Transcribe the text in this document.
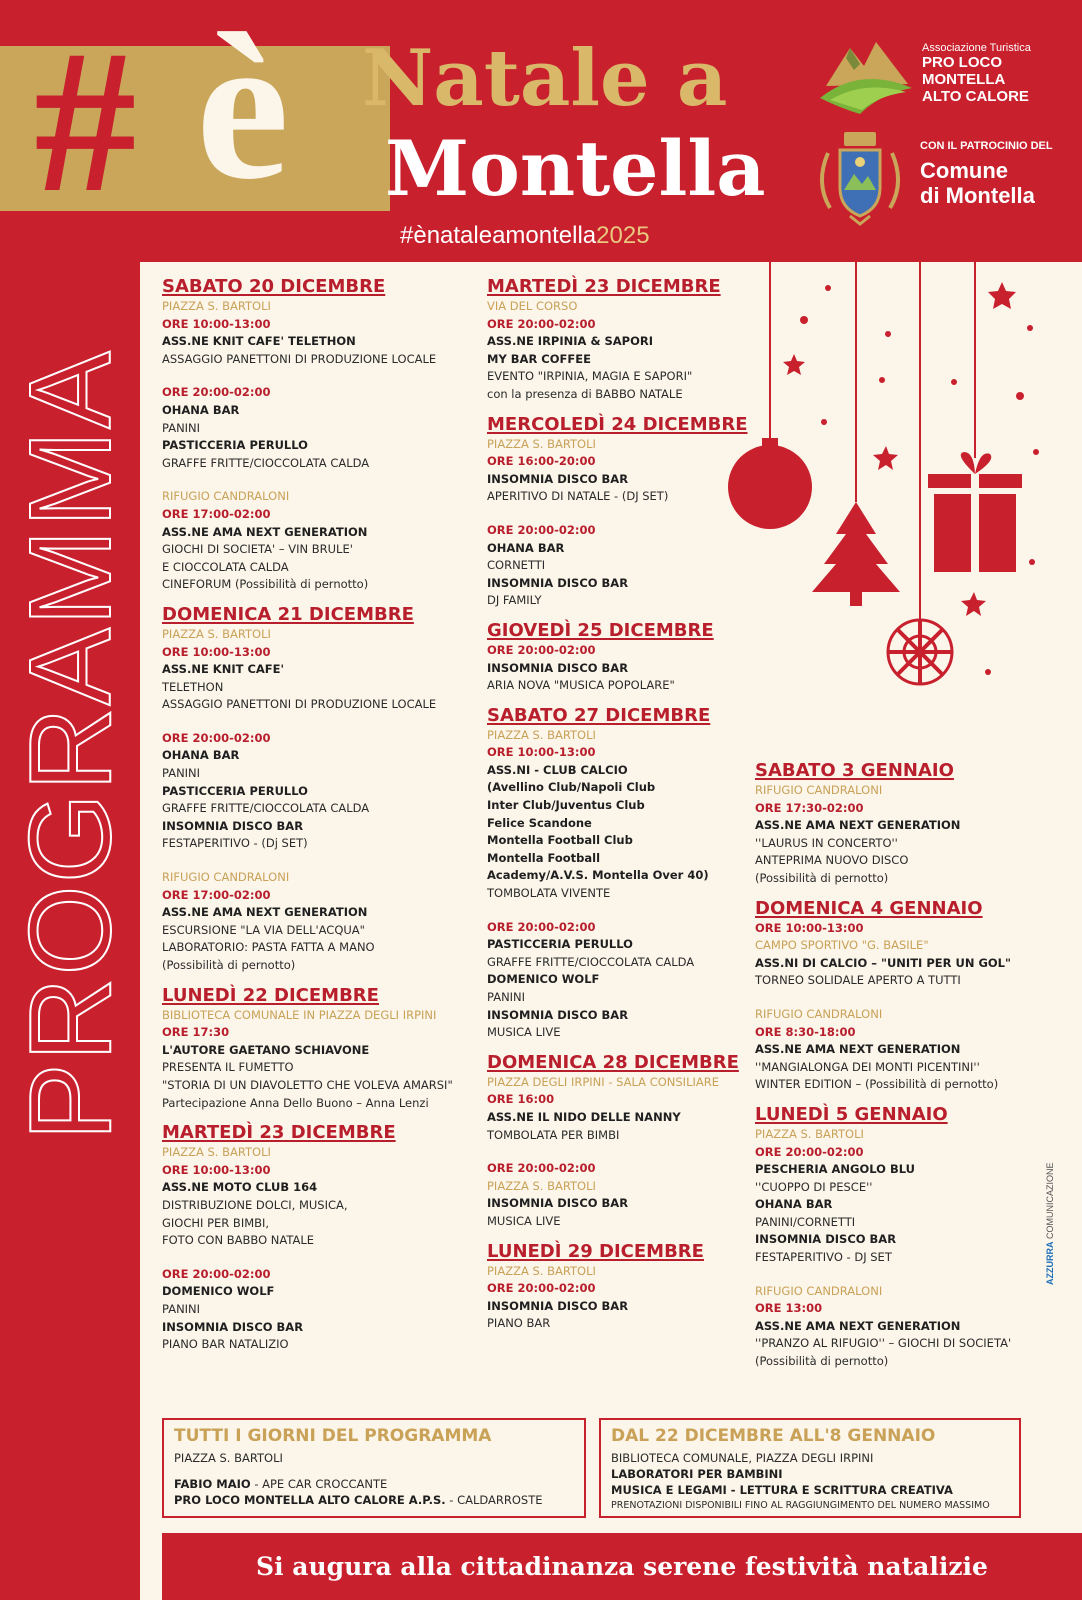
# è Natale a
Montella
#ènataleamontella2025
Associazione Turistica
PRO LOCO
MONTELLA
ALTO CALORE
CON IL PATROCINIO DEL
Comune
di Montella
PROGRAMMA
SABATO 20 DICEMBRE
PIAZZA S. BARTOLI
ORE 10:00-13:00
ASS.NE KNIT CAFE' TELETHON
ASSAGGIO PANETTONI DI PRODUZIONE LOCALE
ORE 20:00-02:00
OHANA BAR
PANINI
PASTICCERIA PERULLO
GRAFFE FRITTE/CIOCCOLATA CALDA
RIFUGIO CANDRALONI
ORE 17:00-02:00
ASS.NE AMA NEXT GENERATION
GIOCHI DI SOCIETA' – VIN BRULE'
E CIOCCOLATA CALDA
CINEFORUM (Possibilità di pernotto)
DOMENICA 21 DICEMBRE
PIAZZA S. BARTOLI
ORE 10:00-13:00
ASS.NE KNIT CAFE'
TELETHON
ASSAGGIO PANETTONI DI PRODUZIONE LOCALE
ORE 20:00-02:00
OHANA BAR
PANINI
PASTICCERIA PERULLO
GRAFFE FRITTE/CIOCCOLATA CALDA
INSOMNIA DISCO BAR
FESTAPERITIVO - (Dj SET)
RIFUGIO CANDRALONI
ORE 17:00-02:00
ASS.NE AMA NEXT GENERATION
ESCURSIONE "LA VIA DELL'ACQUA"
LABORATORIO: PASTA FATTA A MANO
(Possibilità di pernotto)
LUNEDÌ 22 DICEMBRE
BIBLIOTECA COMUNALE IN PIAZZA DEGLI IRPINI
ORE 17:30
L'AUTORE GAETANO SCHIAVONE
PRESENTA IL FUMETTO
"STORIA DI UN DIAVOLETTO CHE VOLEVA AMARSI"
Partecipazione Anna Dello Buono – Anna Lenzi
MARTEDÌ 23 DICEMBRE
PIAZZA S. BARTOLI
ORE 10:00-13:00
ASS.NE MOTO CLUB 164
DISTRIBUZIONE DOLCI, MUSICA,
GIOCHI PER BIMBI,
FOTO CON BABBO NATALE
ORE 20:00-02:00
DOMENICO WOLF
PANINI
INSOMNIA DISCO BAR
PIANO BAR NATALIZIO
MARTEDÌ 23 DICEMBRE
VIA DEL CORSO
ORE 20:00-02:00
ASS.NE IRPINIA & SAPORI
MY BAR COFFEE
EVENTO "IRPINIA, MAGIA E SAPORI"
con la presenza di BABBO NATALE
MERCOLEDÌ 24 DICEMBRE
PIAZZA S. BARTOLI
ORE 16:00-20:00
INSOMNIA DISCO BAR
APERITIVO DI NATALE - (DJ SET)
ORE 20:00-02:00
OHANA BAR
CORNETTI
INSOMNIA DISCO BAR
DJ FAMILY
GIOVEDÌ 25 DICEMBRE
ORE 20:00-02:00
INSOMNIA DISCO BAR
ARIA NOVA "MUSICA POPOLARE"
SABATO 27 DICEMBRE
PIAZZA S. BARTOLI
ORE 10:00-13:00
ASS.NI - CLUB CALCIO
(Avellino Club/Napoli Club
Inter Club/Juventus Club
Felice Scandone
Montella Football Club
Montella Football
Academy/A.V.S. Montella Over 40)
TOMBOLATA VIVENTE
ORE 20:00-02:00
PASTICCERIA PERULLO
GRAFFE FRITTE/CIOCCOLATA CALDA
DOMENICO WOLF
PANINI
INSOMNIA DISCO BAR
MUSICA LIVE
DOMENICA 28 DICEMBRE
PIAZZA DEGLI IRPINI - SALA CONSILIARE
ORE 16:00
ASS.NE IL NIDO DELLE NANNY
TOMBOLATA PER BIMBI
ORE 20:00-02:00
PIAZZA S. BARTOLI
INSOMNIA DISCO BAR
MUSICA LIVE
LUNEDÌ 29 DICEMBRE
PIAZZA S. BARTOLI
ORE 20:00-02:00
INSOMNIA DISCO BAR
PIANO BAR
SABATO 3 GENNAIO
RIFUGIO CANDRALONI
ORE 17:30-02:00
ASS.NE AMA NEXT GENERATION
''LAURUS IN CONCERTO''
ANTEPRIMA NUOVO DISCO
(Possibilità di pernotto)
DOMENICA 4 GENNAIO
ORE 10:00-13:00
CAMPO SPORTIVO "G. BASILE"
ASS.NI DI CALCIO – "UNITI PER UN GOL"
TORNEO SOLIDALE APERTO A TUTTI
RIFUGIO CANDRALONI
ORE 8:30-18:00
ASS.NE AMA NEXT GENERATION
''MANGIALONGA DEI MONTI PICENTINI''
WINTER EDITION – (Possibilità di pernotto)
LUNEDÌ 5 GENNAIO
PIAZZA S. BARTOLI
ORE 20:00-02:00
PESCHERIA ANGOLO BLU
''CUOPPO DI PESCE''
OHANA BAR
PANINI/CORNETTI
INSOMNIA DISCO BAR
FESTAPERITIVO - DJ SET
RIFUGIO CANDRALONI
ORE 13:00
ASS.NE AMA NEXT GENERATION
''PRANZO AL RIFUGIO'' – GIOCHI DI SOCIETA'
(Possibilità di pernotto)
TUTTI I GIORNI DEL PROGRAMMA
PIAZZA S. BARTOLI
FABIO MAIO - APE CAR CROCCANTE
PRO LOCO MONTELLA ALTO CALORE A.P.S. - CALDARROSTE
DAL 22 DICEMBRE ALL'8 GENNAIO
BIBLIOTECA COMUNALE, PIAZZA DEGLI IRPINI
LABORATORI PER BAMBINI
MUSICA E LEGAMI - LETTURA E SCRITTURA CREATIVA
PRENOTAZIONI DISPONIBILI FINO AL RAGGIUNGIMENTO DEL NUMERO MASSIMO
AZZURRA COMUNICAZIONE
Si augura alla cittadinanza serene festività natalizie
